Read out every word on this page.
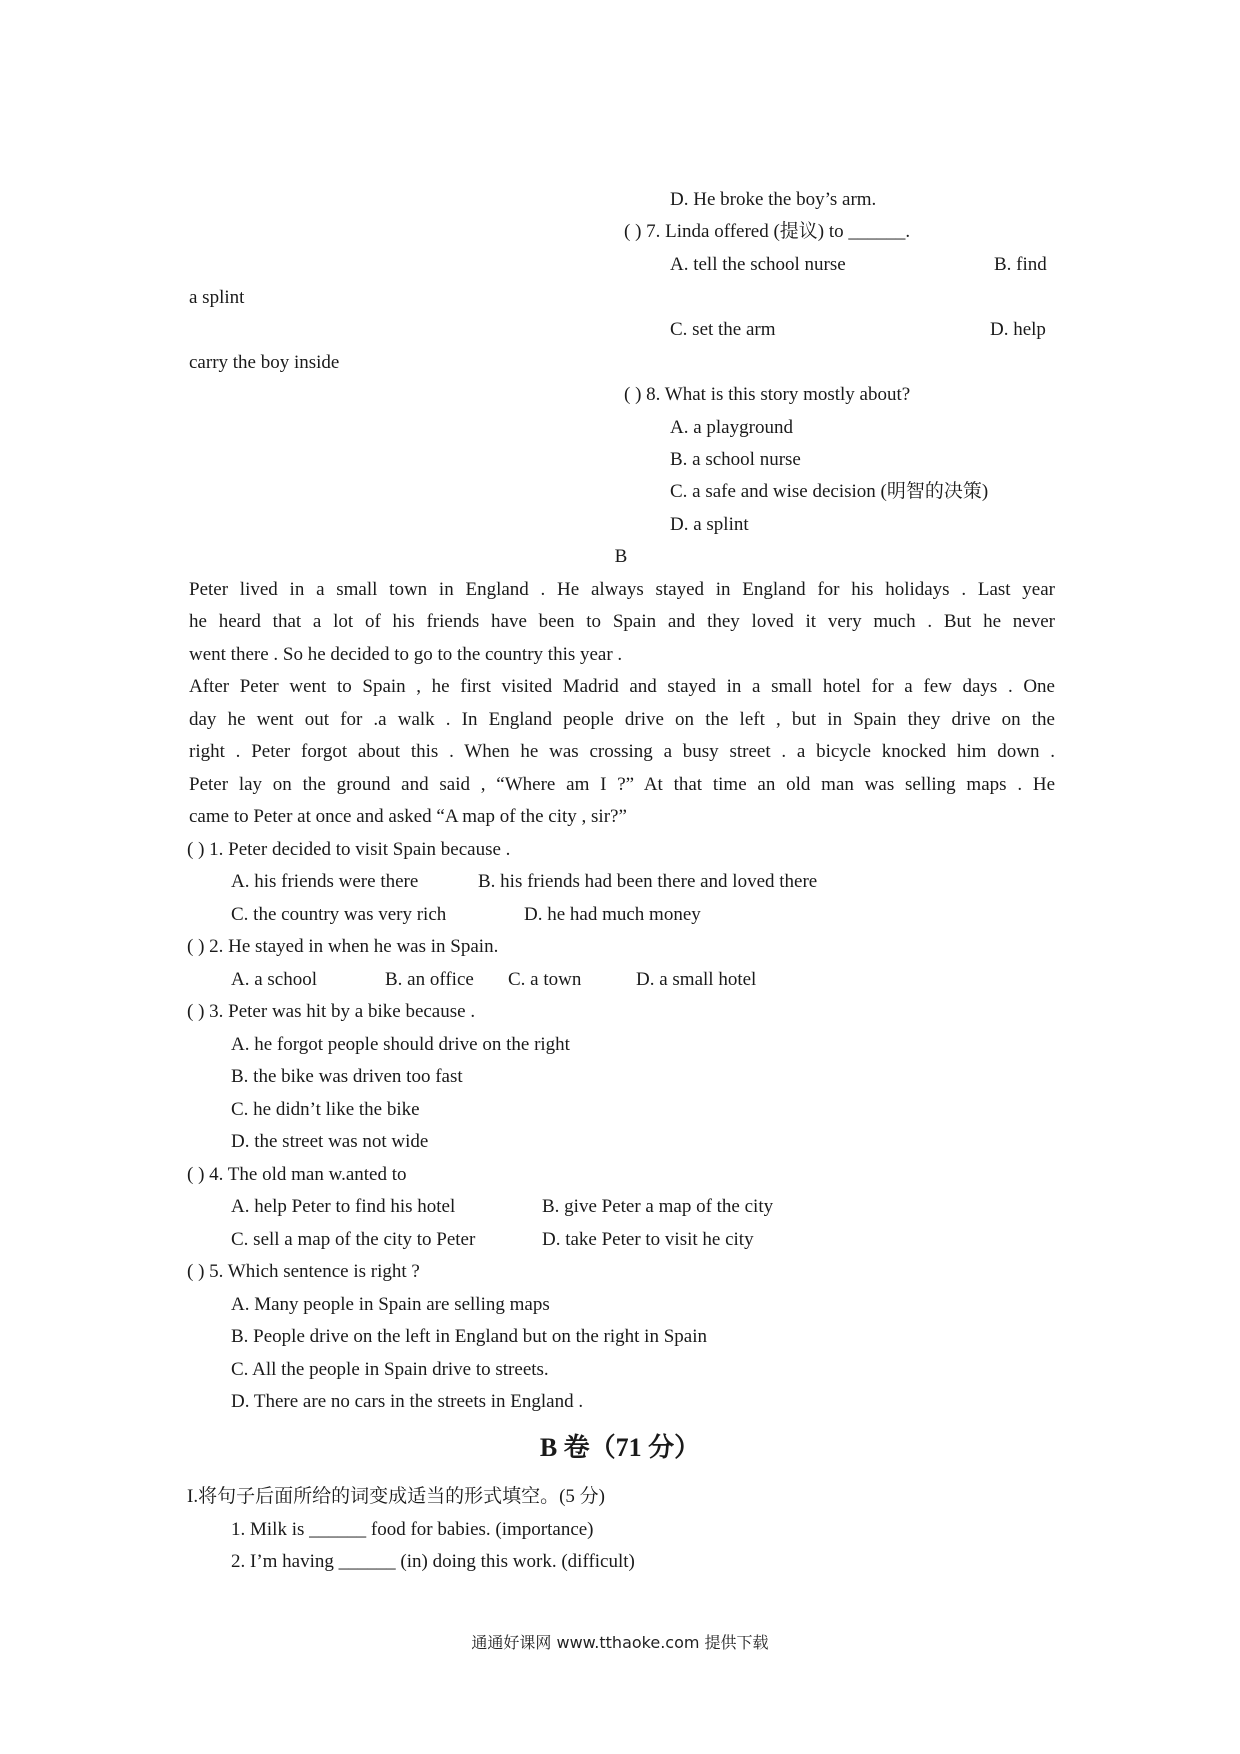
D. He broke the boy’s arm.
( ) 7. Linda offered (提议) to ______.
A. tell the school nurse	B. find
a splint
C. set the arm	D. help
carry the boy inside
( ) 8. What is this story mostly about?
A. a playground
B. a school nurse
C. a safe and wise decision (明智的决策)
D. a splint
B
Peter lived in a small town in England . He always stayed in England for his holidays . Last year
he heard that a lot of his friends have been to Spain and they loved it very much . But he never
went there . So he decided to go to the country this year .
After Peter went to Spain , he first visited Madrid and stayed in a small hotel for a few days . One
day he went out for .a walk . In England people drive on the left , but in Spain they drive on the
right . Peter forgot about this . When he was crossing a busy street . a bicycle knocked him down .
Peter lay on the ground and said , “Where am I ?” At that time an old man was selling maps . He
came to Peter at once and asked “A map of the city , sir?”
( ) 1. Peter decided to visit Spain because .
A. his friends were there	B. his friends had been there and loved there
C. the country was very rich	D. he had much money
( ) 2. He stayed in when he was in Spain.
A. a school	B. an office C. a town	D. a small hotel
( ) 3. Peter was hit by a bike because .
A. he forgot people should drive on the right
B. the bike was driven too fast
C. he didn’t like the bike
D. the street was not wide
( ) 4. The old man w.anted to
A. help Peter to find his hotel	B. give Peter a map of the city
C. sell a map of the city to Peter	D. take Peter to visit he city
( ) 5. Which sentence is right ?
A. Many people in Spain are selling maps
B. People drive on the left in England but on the right in Spain
C. All the people in Spain drive to streets.
D. There are no cars in the streets in England .
B 卷（71 分）
I.将句子后面所给的词变成适当的形式填空。(5 分)
1. Milk is ______ food for babies. (importance)
2. I’m having ______ (in) doing this work. (difficult)
通通好课网 www.tthaoke.com 提供下载
